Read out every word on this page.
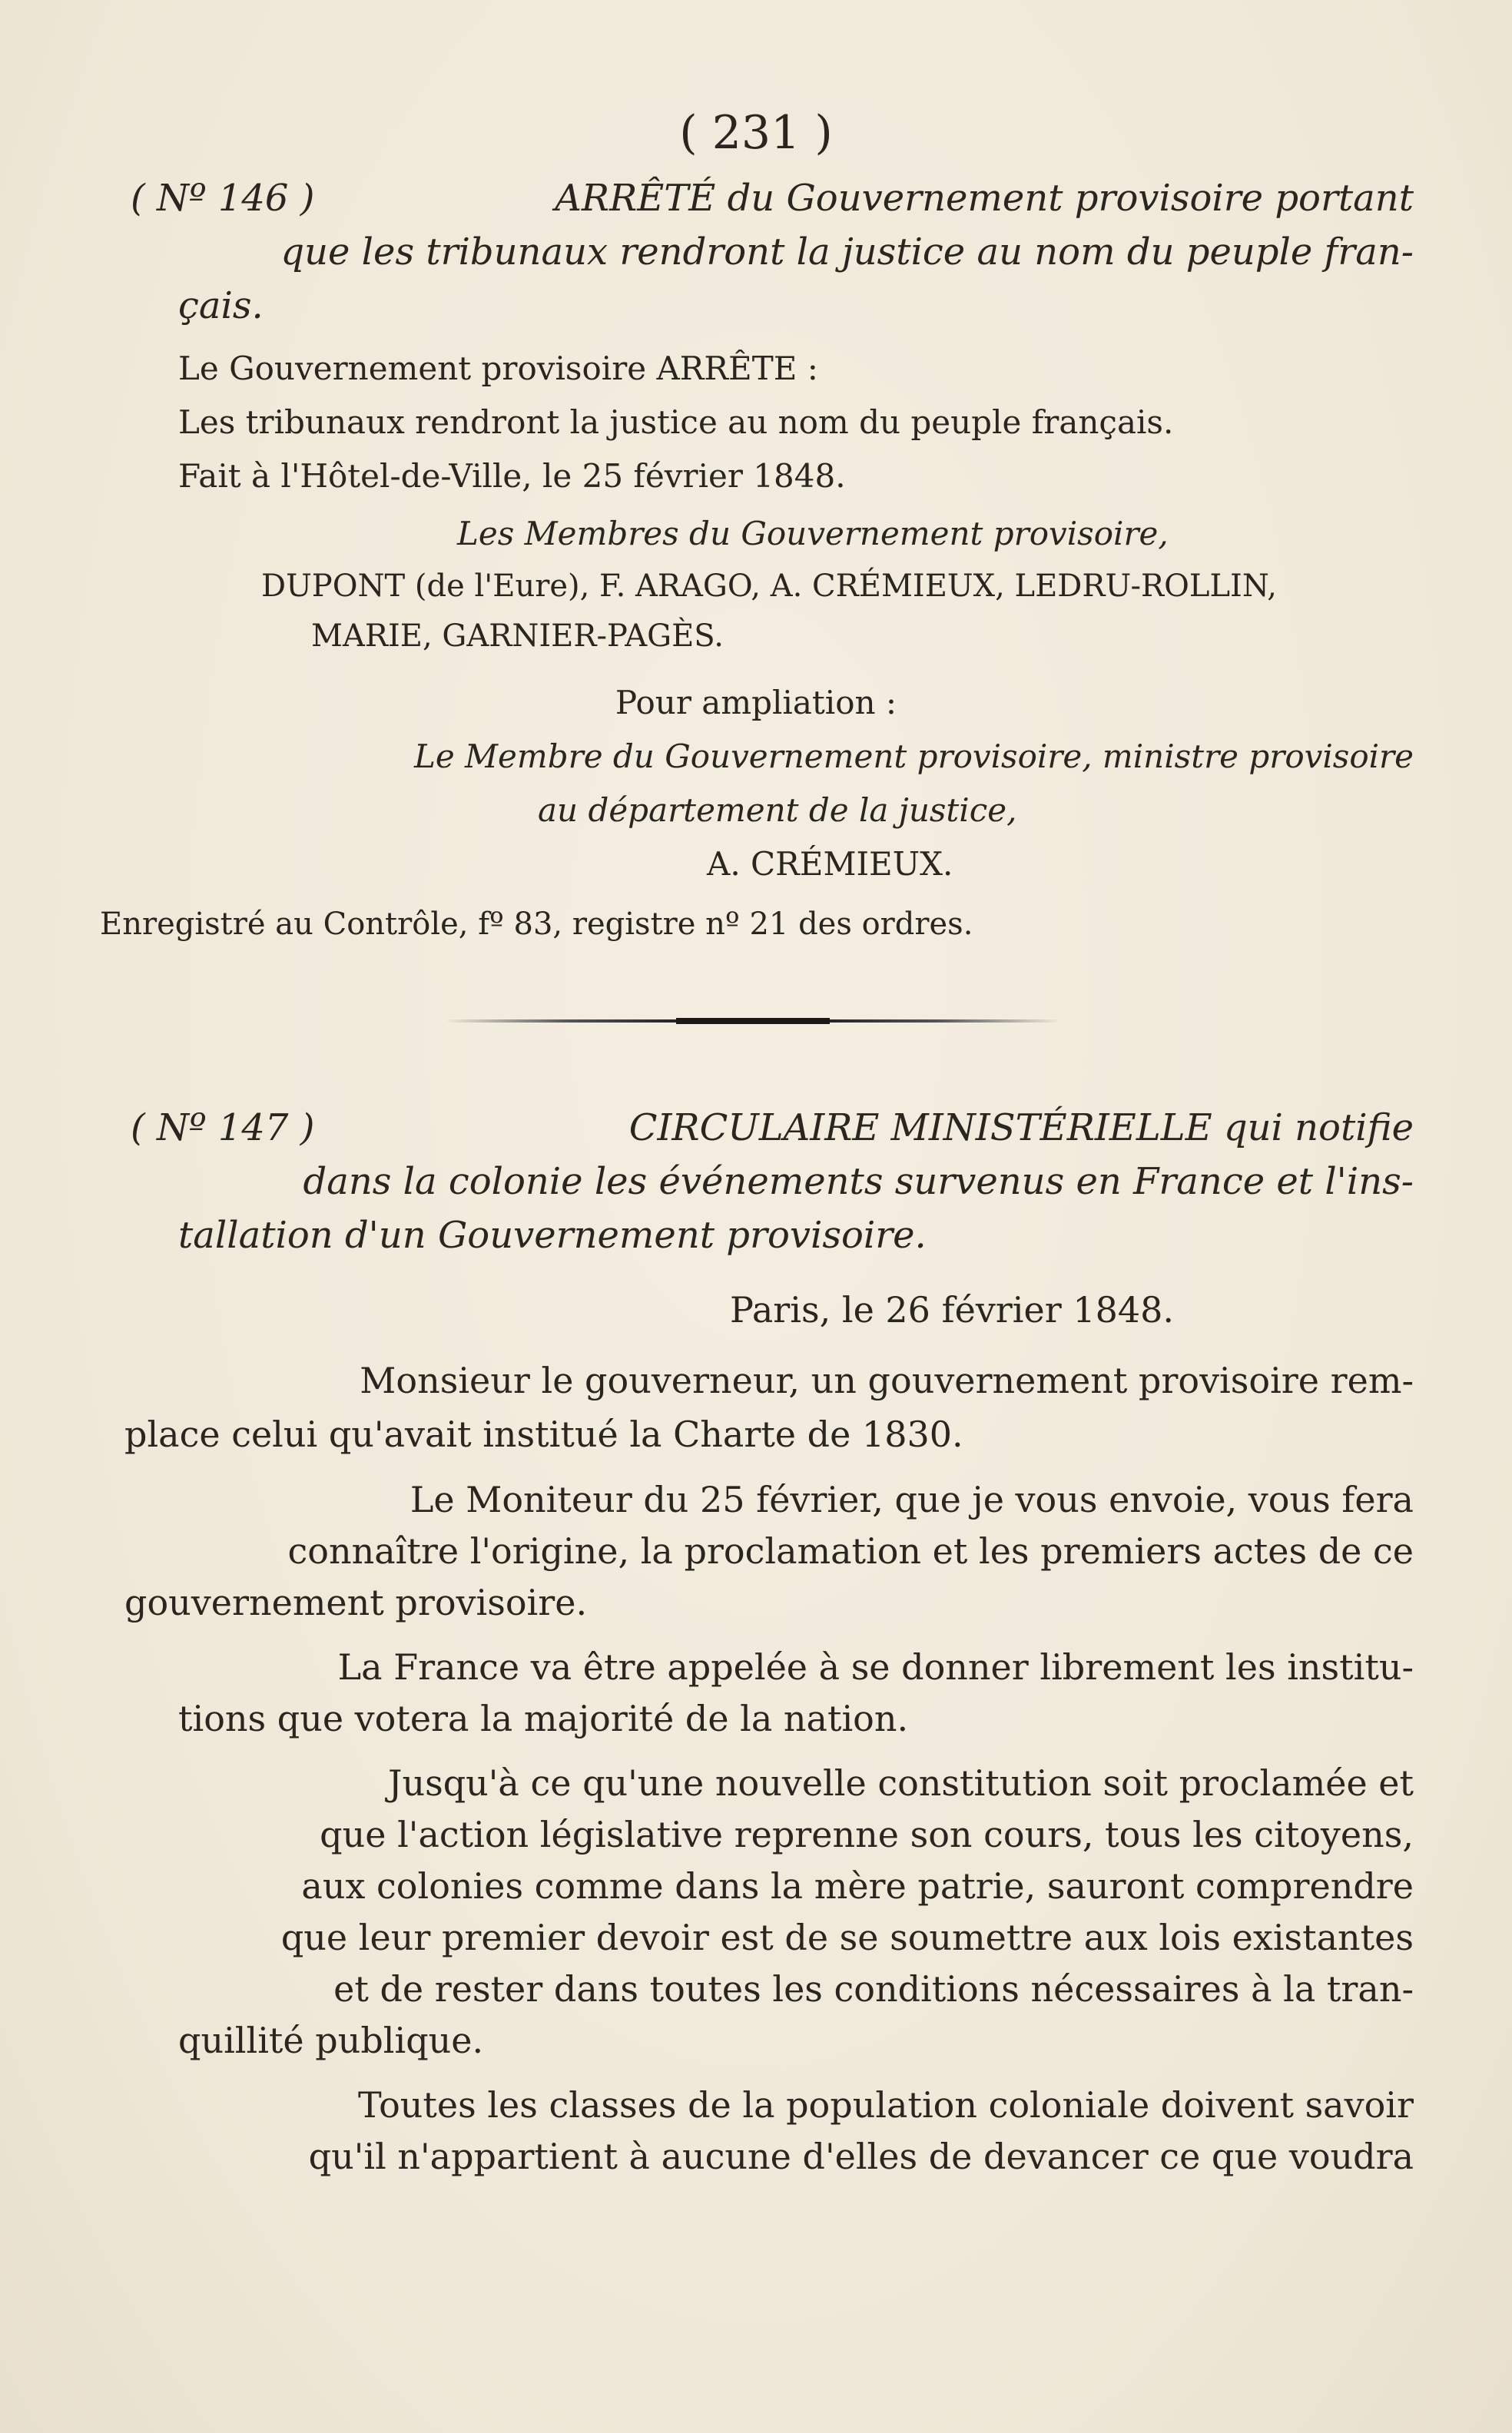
( 231 )
( Nº 146 )	ARRÊTÉ du Gouvernement provisoire portant
que les tribunaux rendront la justice au nom du peuple fran-
çais.
Le Gouvernement provisoire ARRÊTE :
Les tribunaux rendront la justice au nom du peuple français.
Fait à l'Hôtel-de-Ville, le 25 février 1848.
Les Membres du Gouvernement provisoire,
DUPONT (de l'Eure), F. ARAGO, A. CRÉMIEUX, LEDRU-ROLLIN,
MARIE, GARNIER-PAGÈS.
Pour ampliation :
Le Membre du Gouvernement provisoire, ministre provisoire
au département de la justice,
A. CRÉMIEUX.
Enregistré au Contrôle, fº 83, registre nº 21 des ordres.
( Nº 147 )	CIRCULAIRE MINISTÉRIELLE qui notifie
dans la colonie les événements survenus en France et l'ins-
tallation d'un Gouvernement provisoire.
Paris, le 26 février 1848.
Monsieur le gouverneur, un gouvernement provisoire rem-
place celui qu'avait institué la Charte de 1830.
Le Moniteur du 25 février, que je vous envoie, vous fera
connaître l'origine, la proclamation et les premiers actes de ce
gouvernement provisoire.
La France va être appelée à se donner librement les institu-
tions que votera la majorité de la nation.
Jusqu'à ce qu'une nouvelle constitution soit proclamée et
que l'action législative reprenne son cours, tous les citoyens,
aux colonies comme dans la mère patrie, sauront comprendre
que leur premier devoir est de se soumettre aux lois existantes
et de rester dans toutes les conditions nécessaires à la tran-
quillité publique.
Toutes les classes de la population coloniale doivent savoir
qu'il n'appartient à aucune d'elles de devancer ce que voudra
